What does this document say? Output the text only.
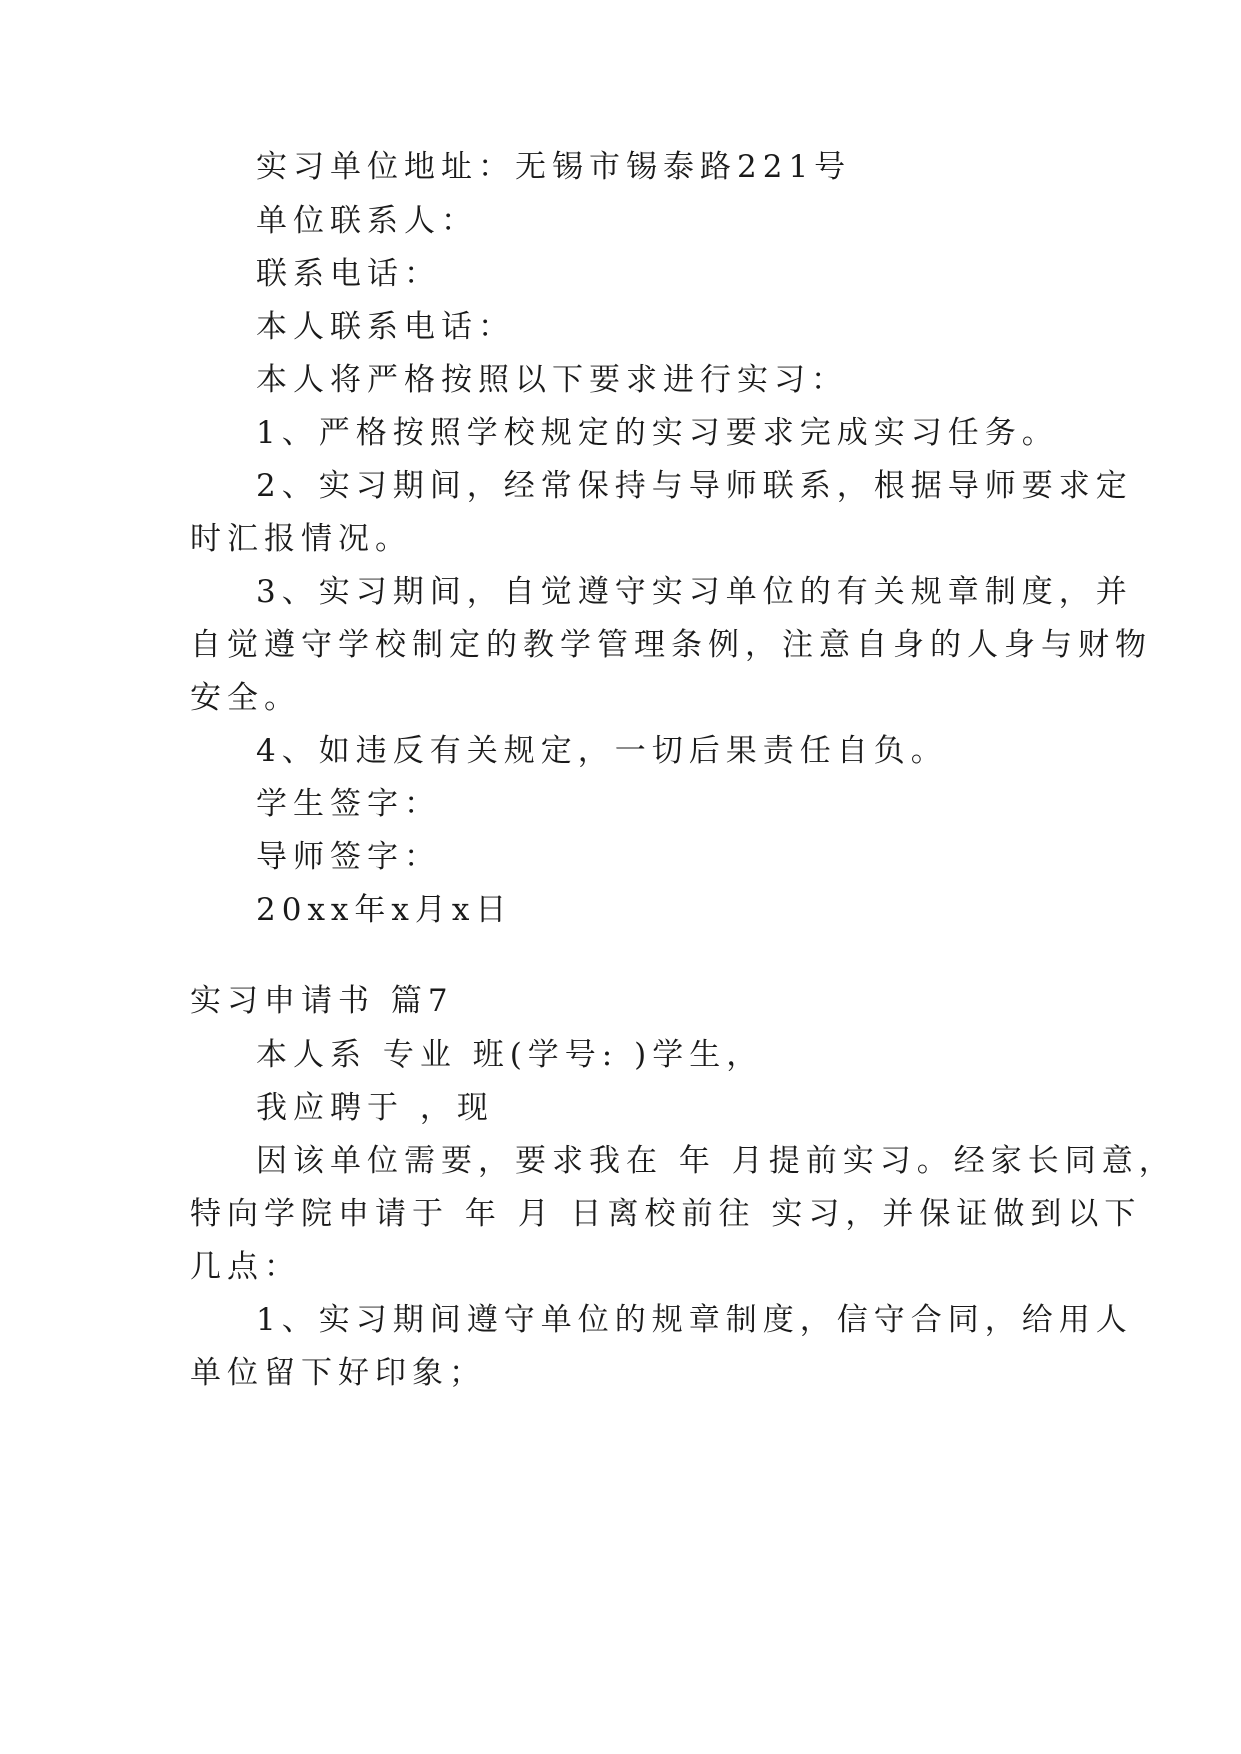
实习单位地址：无锡市锡泰路221号

单位联系人：

联系电话：

本人联系电话：

本人将严格按照以下要求进行实习：

1、严格按照学校规定的实习要求完成实习任务。

2、实习期间，经常保持与导师联系，根据导师要求定

时汇报情况。

3、实习期间，自觉遵守实习单位的有关规章制度，并

自觉遵守学校制定的教学管理条例，注意自身的人身与财物

安全。

4、如违反有关规定，一切后果责任自负。

学生签字：

导师签字：

20xx年x月x日

实习申请书 篇7

本人系 专业 班(学号: )学生，

我应聘于 ，现

因该单位需要，要求我在 年 月提前实习。经家长同意，

特向学院申请于 年 月 日离校前往 实习，并保证做到以下

几点：

1、实习期间遵守单位的规章制度，信守合同，给用人

单位留下好印象；
